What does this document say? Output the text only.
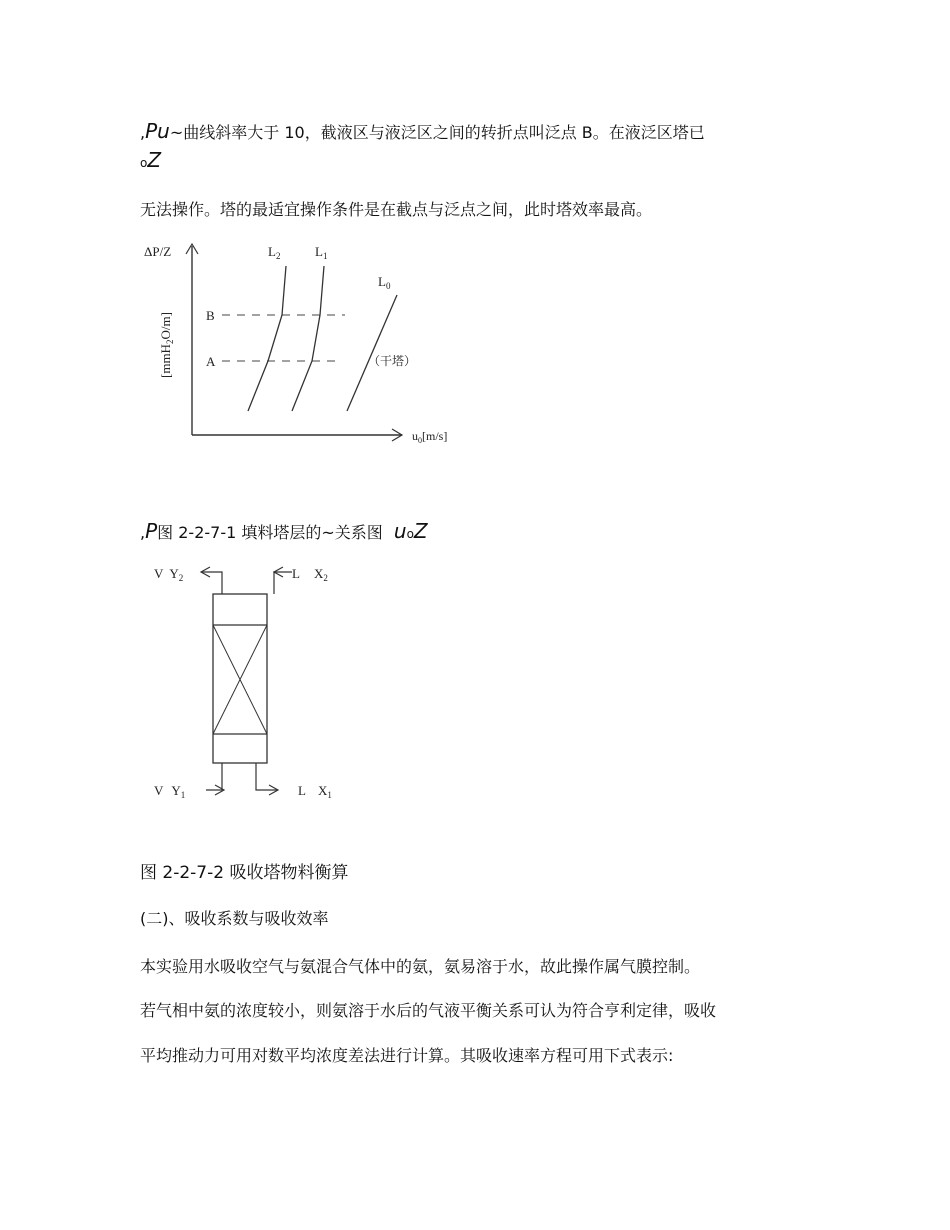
,Pu~曲线斜率大于 10，截液区与液泛区之间的转折点叫泛点 B。在液泛区塔已
oZ
无法操作。塔的最适宜操作条件是在截点与泛点之间，此时塔效率最高。
ΔP/Z
[mmH$_2$O/m]	B
A
$L_2$	$L_1$
$L_0$
（干塔）
$u_0[m/s]$
,P图 2-2-7-1 填料塔层的~关系图 uoZ
V $Y_2$	L $X_2$
V $Y_1$	L $X_1$
图 2-2-7-2 吸收塔物料衡算
(二)、吸收系数与吸收效率
本实验用水吸收空气与氨混合气体中的氨，氨易溶于水，故此操作属气膜控制。
若气相中氨的浓度较小，则氨溶于水后的气液平衡关系可认为符合亨利定律，吸收
平均推动力可用对数平均浓度差法进行计算。其吸收速率方程可用下式表示:
